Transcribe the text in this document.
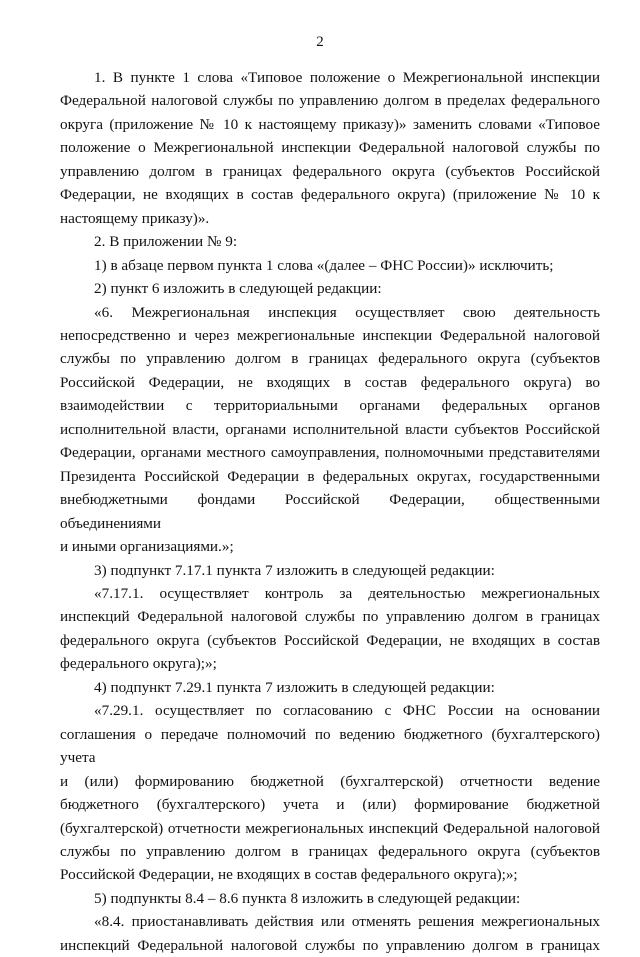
2
1. В пункте 1 слова «Типовое положение о Межрегиональной инспекции
Федеральной налоговой службы по управлению долгом в пределах федерального
округа (приложение № 10 к настоящему приказу)» заменить словами «Типовое
положение о Межрегиональной инспекции Федеральной налоговой службы по
управлению долгом в границах федерального округа (субъектов Российской
Федерации, не входящих в состав федерального округа) (приложение № 10 к
настоящему приказу)».
2. В приложении № 9:
1) в абзаце первом пункта 1 слова «(далее – ФНС России)» исключить;
2) пункт 6 изложить в следующей редакции:
«6. Межрегиональная инспекция осуществляет свою деятельность
непосредственно и через межрегиональные инспекции Федеральной налоговой
службы по управлению долгом в границах федерального округа (субъектов
Российской Федерации, не входящих в состав федерального округа) во
взаимодействии с территориальными органами федеральных органов
исполнительной власти, органами исполнительной власти субъектов Российской
Федерации, органами местного самоуправления, полномочными представителями
Президента Российской Федерации в федеральных округах, государственными
внебюджетными фондами Российской Федерации, общественными объединениями
и иными организациями.»;
3) подпункт 7.17.1 пункта 7 изложить в следующей редакции:
«7.17.1. осуществляет контроль за деятельностью межрегиональных
инспекций Федеральной налоговой службы по управлению долгом в границах
федерального округа (субъектов Российской Федерации, не входящих в состав
федерального округа);»;
4) подпункт 7.29.1 пункта 7 изложить в следующей редакции:
«7.29.1. осуществляет по согласованию с ФНС России на основании
соглашения о передаче полномочий по ведению бюджетного (бухгалтерского) учета
и (или) формированию бюджетной (бухгалтерской) отчетности ведение
бюджетного (бухгалтерского) учета и (или) формирование бюджетной
(бухгалтерской) отчетности межрегиональных инспекций Федеральной налоговой
службы по управлению долгом в границах федерального округа (субъектов
Российской Федерации, не входящих в состав федерального округа);»;
5) подпункты 8.4 – 8.6 пункта 8 изложить в следующей редакции:
«8.4. приостанавливать действия или отменять решения межрегиональных
инспекций Федеральной налоговой службы по управлению долгом в границах
